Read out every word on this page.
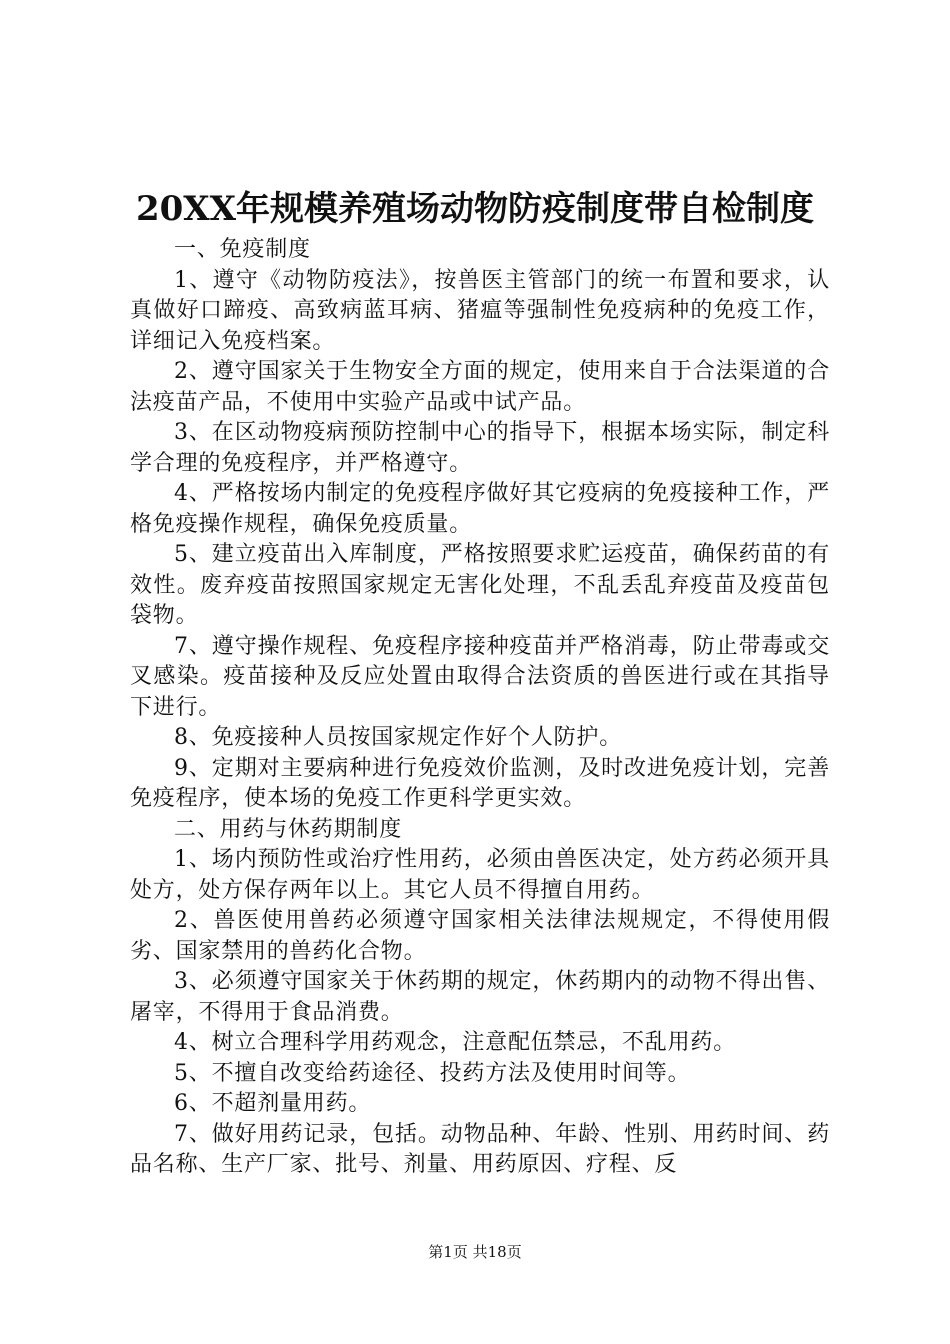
20XX年规模养殖场动物防疫制度带自检制度

一、免疫制度

1、遵守《动物防疫法》，按兽医主管部门的统一布置和要求，认真做好口蹄疫、高致病蓝耳病、猪瘟等强制性免疫病种的免疫工作，详细记入免疫档案。

2、遵守国家关于生物安全方面的规定，使用来自于合法渠道的合法疫苗产品，不使用中实验产品或中试产品。

3、在区动物疫病预防控制中心的指导下，根据本场实际，制定科学合理的免疫程序，并严格遵守。

4、严格按场内制定的免疫程序做好其它疫病的免疫接种工作，严格免疫操作规程，确保免疫质量。

5、建立疫苗出入库制度，严格按照要求贮运疫苗，确保药苗的有效性。废弃疫苗按照国家规定无害化处理，不乱丢乱弃疫苗及疫苗包袋物。

7、遵守操作规程、免疫程序接种疫苗并严格消毒，防止带毒或交叉感染。疫苗接种及反应处置由取得合法资质的兽医进行或在其指导下进行。

8、免疫接种人员按国家规定作好个人防护。

9、定期对主要病种进行免疫效价监测，及时改进免疫计划，完善免疫程序，使本场的免疫工作更科学更实效。

二、用药与休药期制度

1、场内预防性或治疗性用药，必须由兽医决定，处方药必须开具处方，处方保存两年以上。其它人员不得擅自用药。

2、兽医使用兽药必须遵守国家相关法律法规规定，不得使用假劣、国家禁用的兽药化合物。

3、必须遵守国家关于休药期的规定，休药期内的动物不得出售、屠宰，不得用于食品消费。

4、树立合理科学用药观念，注意配伍禁忌，不乱用药。

5、不擅自改变给药途径、投药方法及使用时间等。

6、不超剂量用药。

7、做好用药记录，包括。动物品种、年龄、性别、用药时间、药品名称、生产厂家、批号、剂量、用药原因、疗程、反

第1页 共18页
